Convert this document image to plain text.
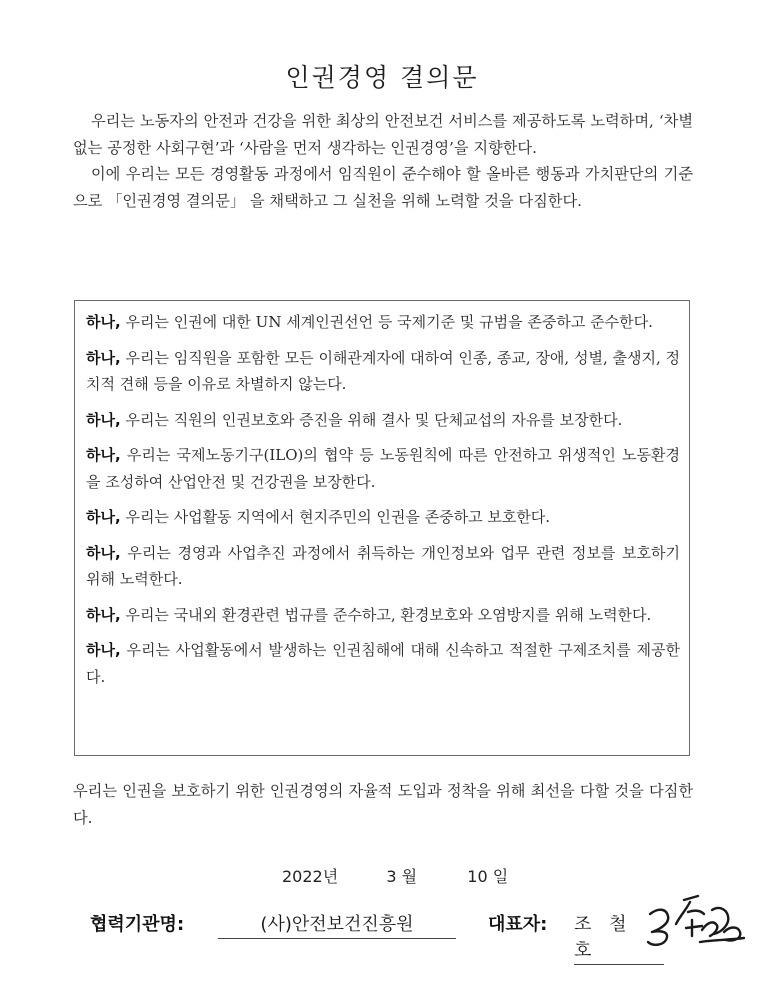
인권경영 결의문

우리는 노동자의 안전과 건강을 위한 최상의 안전보건 서비스를 제공하도록 노력하며, ‘차별 없는 공정한 사회구현’과 ‘사람을 먼저 생각하는 인권경영’을 지향한다.

이에 우리는 모든 경영활동 과정에서 임직원이 준수해야 할 올바른 행동과 가치판단의 기준으로 「인권경영 결의문」 을 채택하고 그 실천을 위해 노력할 것을 다짐한다.

하나, 우리는 인권에 대한 UN 세계인권선언 등 국제기준 및 규범을 존중하고 준수한다.

하나, 우리는 임직원을 포함한 모든 이해관계자에 대하여 인종, 종교, 장애, 성별, 출생지, 정치적 견해 등을 이유로 차별하지 않는다.

하나, 우리는 직원의 인권보호와 증진을 위해 결사 및 단체교섭의 자유를 보장한다.

하나, 우리는 국제노동기구(ILO)의 협약 등 노동원칙에 따른 안전하고 위생적인 노동환경을 조성하여 산업안전 및 건강권을 보장한다.

하나, 우리는 사업활동 지역에서 현지주민의 인권을 존중하고 보호한다.

하나, 우리는 경영과 사업추진 과정에서 취득하는 개인정보와 업무 관련 정보를 보호하기 위해 노력한다.

하나, 우리는 국내외 환경관련 법규를 준수하고, 환경보호와 오염방지를 위해 노력한다.

하나, 우리는 사업활동에서 발생하는 인권침해에 대해 신속하고 적절한 구제조치를 제공한다.

우리는 인권을 보호하기 위한 인권경영의 자율적 도입과 정착을 위해 최선을 다할 것을 다짐한다.
2022년	3 월	10 일
협력기관명:	(사)안전보건진흥원	대표자: 조 철 호
